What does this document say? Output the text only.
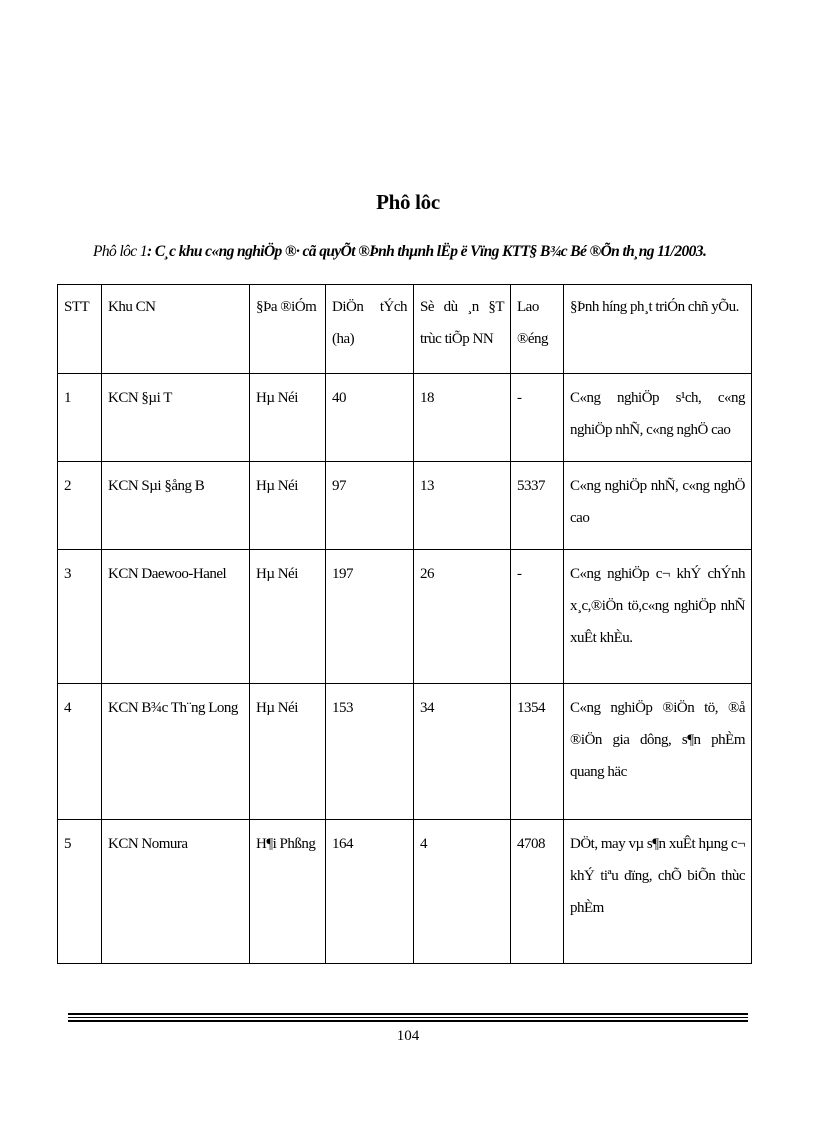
Phô lôc
Phô lôc 1: C¸c khu c«ng nghiÖp ®· cã quyÕt ®Þnh thµnh lËp ë Vïng KTT§ B¾c Bé ®Õn th¸ng 11/2003.
STT	Khu CN	§Þa ®iÓm	DiÖn tÝch (ha)	Sè dù ¸n §T trùc tiÕp NN	Lao ®éng	§Þnh híng ph¸t triÓn chñ yÕu.
1	KCN §µi T	Hµ Néi	40	18	-	C«ng nghiÖp s¹ch, c«ng nghiÖp nhÑ, c«ng nghÖ cao
2	KCN Sµi §ång B	Hµ Néi	97	13	5337	C«ng nghiÖp nhÑ, c«ng nghÖ cao
3	KCN Daewoo-Hanel	Hµ Néi	197	26	-	C«ng nghiÖp c¬ khÝ chÝnh x¸c,®iÖn tö,c«ng nghiÖp nhÑ xuÊt khÈu.
4	KCN B¾c Th¨ng Long	Hµ Néi	153	34	1354	C«ng nghiÖp ®iÖn tö, ®å ®iÖn gia dông, s¶n phÈm quang häc
5	KCN Nomura	H¶i Phßng	164	4	4708	DÖt, may vµ s¶n xuÊt hµng c¬ khÝ tiªu dïng, chÕ biÕn thùc phÈm
104
